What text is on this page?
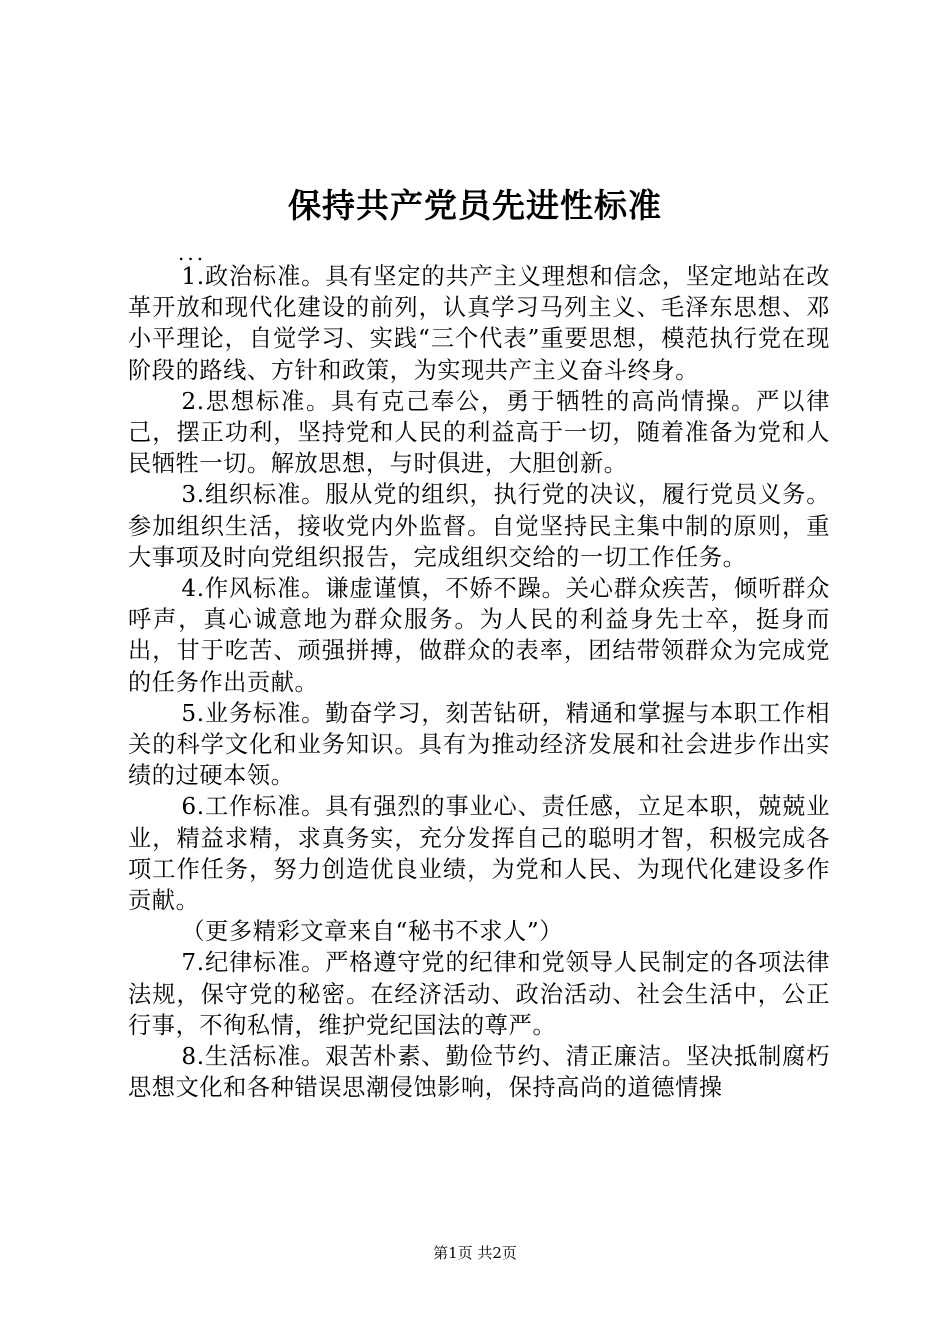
保持共产党员先进性标准
...

1.政治标准。具有坚定的共产主义理想和信念，坚定地站在改革开放和现代化建设的前列，认真学习马列主义、毛泽东思想、邓小平理论，自觉学习、实践“三个代表”重要思想，模范执行党在现阶段的路线、方针和政策，为实现共产主义奋斗终身。

2.思想标准。具有克己奉公，勇于牺牲的高尚情操。严以律己，摆正功利，坚持党和人民的利益高于一切，随着准备为党和人民牺牲一切。解放思想，与时俱进，大胆创新。

3.组织标准。服从党的组织，执行党的决议，履行党员义务。参加组织生活，接收党内外监督。自觉坚持民主集中制的原则，重大事项及时向党组织报告，完成组织交给的一切工作任务。

4.作风标准。谦虚谨慎，不娇不躁。关心群众疾苦，倾听群众呼声，真心诚意地为群众服务。为人民的利益身先士卒，挺身而出，甘于吃苦、顽强拼搏，做群众的表率，团结带领群众为完成党的任务作出贡献。

5.业务标准。勤奋学习，刻苦钻研，精通和掌握与本职工作相关的科学文化和业务知识。具有为推动经济发展和社会进步作出实绩的过硬本领。

6.工作标准。具有强烈的事业心、责任感，立足本职，兢兢业业，精益求精，求真务实，充分发挥自己的聪明才智，积极完成各项工作任务，努力创造优良业绩，为党和人民、为现代化建设多作贡献。

（更多精彩文章来自“秘书不求人”）

7.纪律标准。严格遵守党的纪律和党领导人民制定的各项法律法规，保守党的秘密。在经济活动、政治活动、社会生活中，公正行事，不徇私情，维护党纪国法的尊严。

8.生活标准。艰苦朴素、勤俭节约、清正廉洁。坚决抵制腐朽思想文化和各种错误思潮侵蚀影响，保持高尚的道德情操

第1页 共2页
